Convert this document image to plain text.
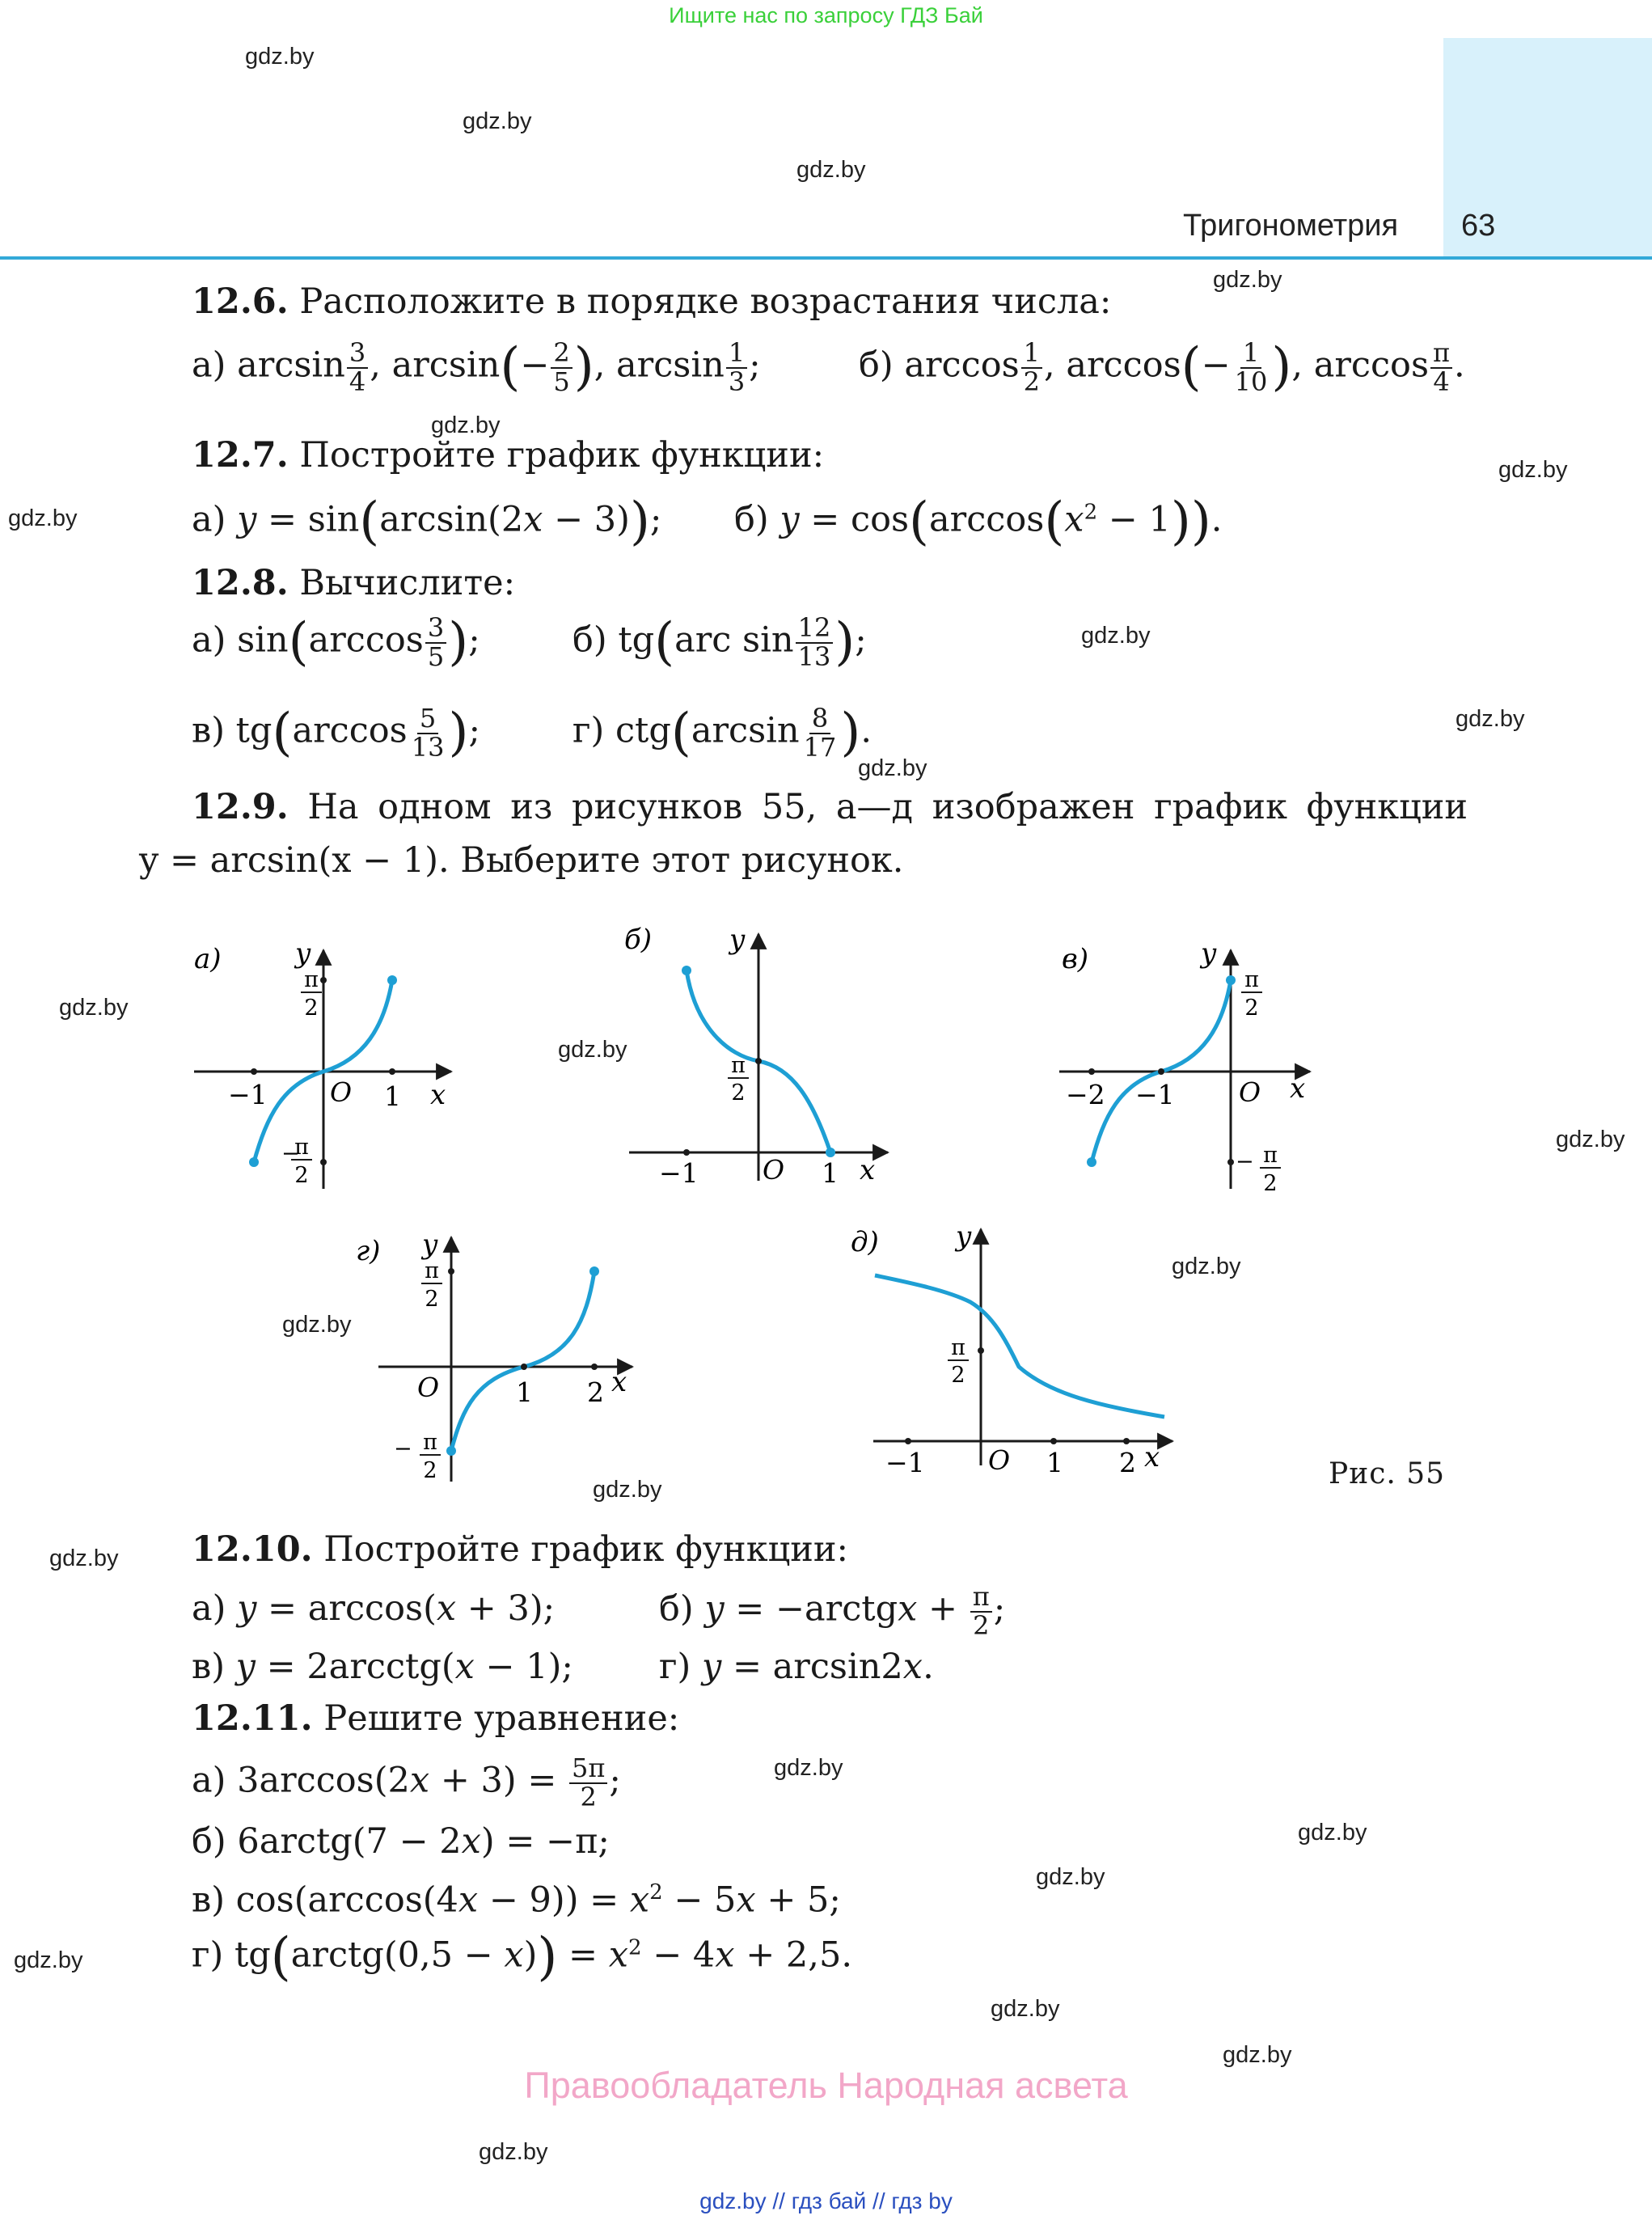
Ищите нас по запросу ГДЗ Бай
Тригонометрия 63
gdz.by
gdz.by
gdz.by
gdz.by
gdz.by
gdz.by
gdz.by
gdz.by
gdz.by
gdz.by
gdz.by
gdz.by
gdz.by
gdz.by
gdz.by
gdz.by
gdz.by
gdz.by
gdz.by
gdz.by
gdz.by
gdz.by
gdz.by
gdz.by
12.6. Расположите в порядке возрастания числа:
а) $\arcsin \frac{3}{4}$ , $\arcsin(- \frac{2}{5}$ ), $\arcsin \frac{1}{3}$ ;	б) $\arccos \frac{1}{2}$ , $\arccos(- \frac{1}{10}$ ), $\arccos \frac{\pi}{4}$ .
12.7. Постройте график функции:
а) y = sin(arcsin(2x − 3)); б) $y = \cos(\arccos(x^2 - 1))$.
12.8. Вычислите:
а) $\sin(\arccos \frac{3}{5}$ );	б) tg(arc $\sin \frac{12}{13}$ );
в) $tg(\arccos \frac{5}{13}$ );	г) $ctg(\arcsin \frac{8}{17}$ ).
12.9. На одном из рисунков 55, а—д изображен график функции
y = arcsin(x − 1). Выберите этот рисунок.
а)	y
x
−1 O 1
π
2
−
π
2
б)	y
x
−1 O 1
π
2
в)	y
x
−2 −1 O
π
2
− π
2
г) y
x
O	1 2
π
2
− π
2
д)	y
x
−1 O 1 2
π
2
Рис. 55
12.10. Постройте график функции:
а) y = arccos(x + 3);	б) y = −arctgx + $\frac{\pi}{2}$ ;
в) y = 2arcctg(x − 1); г) y = arcsin2x.
12.11. Решите уравнение:
а) $3\arccos(2x + 3) = \frac{5\pi}{2}$ ;
б) 6arctg(7 − 2x) = −π;
в) $\cos(\arccos(4x - 9)) = x^2 - 5x + 5$;
г) tg(arctg(0,5 − $x)) = x^2 - 4x + 2,5$.
Правообладатель Народная асвета
gdz.by // гдз бай // гдз by
